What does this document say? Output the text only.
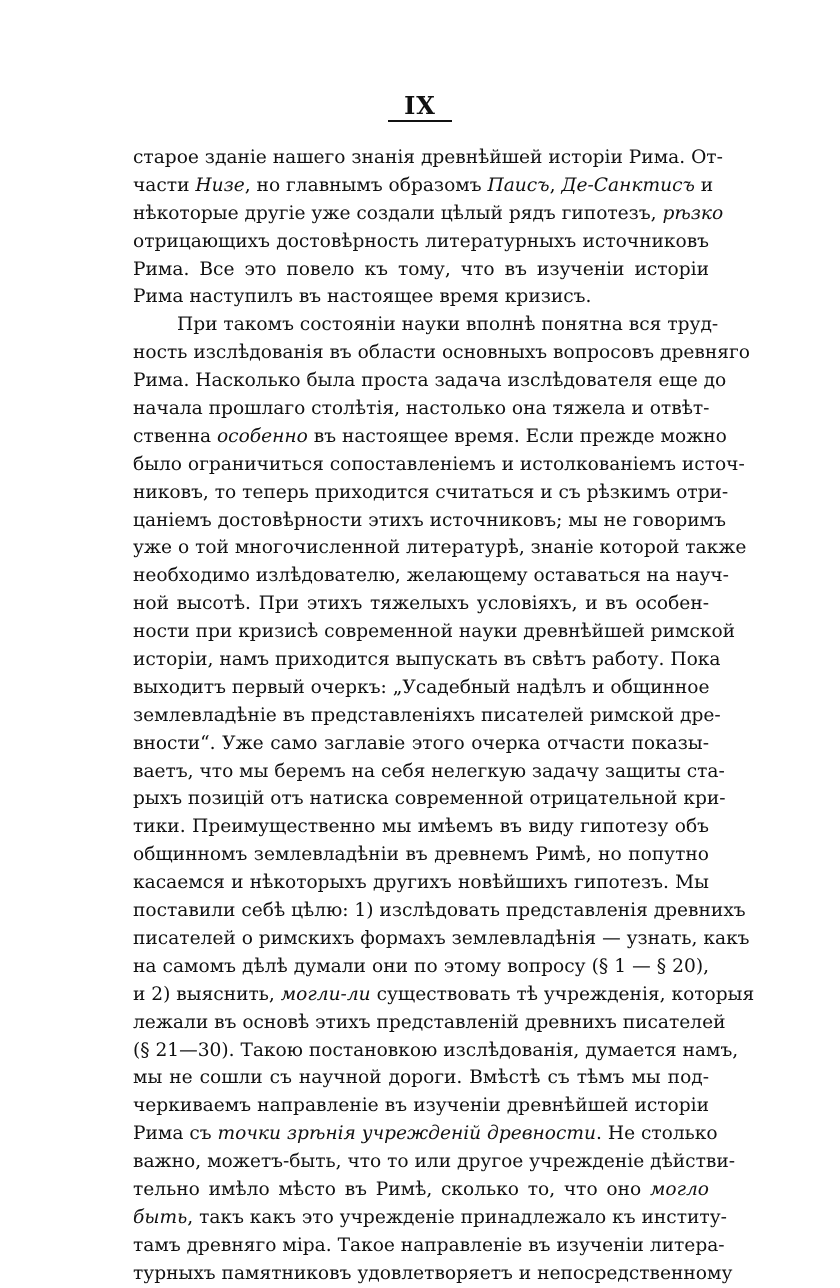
IX
старое зданіе нашего знанія древнѣйшей исторіи Рима. От-
части Низе, но главнымъ образомъ Паисъ, Де-Санктисъ и
нѣкоторые другіе уже создали цѣлый рядъ гипотезъ, рѣзко
отрицающихъ достовѣрность литературныхъ источниковъ
Рима. Все это повело къ тому, что въ изученіи исторіи
Рима наступилъ въ настоящее время кризисъ.
При такомъ состояніи науки вполнѣ понятна вся труд-
ность изслѣдованія въ области основныхъ вопросовъ древняго
Рима. Насколько была проста задача изслѣдователя еще до
начала прошлаго столѣтія, настолько она тяжела и отвѣт-
ственна особенно въ настоящее время. Если прежде можно
было ограничиться сопоставленіемъ и истолкованіемъ источ-
никовъ, то теперь приходится считаться и съ рѣзкимъ отри-
цаніемъ достовѣрности этихъ источниковъ; мы не говоримъ
уже о той многочисленной литературѣ, знаніе которой также
необходимо излѣдователю, желающему оставаться на науч-
ной высотѣ. При этихъ тяжелыхъ условіяхъ, и въ особен-
ности при кризисѣ современной науки древнѣйшей римской
исторіи, намъ приходится выпускать въ свѣтъ работу. Пока
выходитъ первый очеркъ: „Усадебный надѣлъ и общинное
землевладѣніе въ представленіяхъ писателей римской дре-
вности“. Уже само заглавіе этого очерка отчасти показы-
ваетъ, что мы беремъ на себя нелегкую задачу защиты ста-
рыхъ позицій отъ натиска современной отрицательной кри-
тики. Преимущественно мы имѣемъ въ виду гипотезу объ
общинномъ землевладѣніи въ древнемъ Римѣ, но попутно
касаемся и нѣкоторыхъ другихъ новѣйшихъ гипотезъ. Мы
поставили себѣ цѣлю: 1) изслѣдовать представленія древнихъ
писателей о римскихъ формахъ землевладѣнія — узнать, какъ
на самомъ дѣлѣ думали они по этому вопросу (§ 1 — § 20),
и 2) выяснить, могли-ли существовать тѣ учрежденія, которыя
лежали въ основѣ этихъ представленій древнихъ писателей
(§ 21—30). Такою постановкою изслѣдованія, думается намъ,
мы не сошли съ научной дороги. Вмѣстѣ съ тѣмъ мы под-
черкиваемъ направленіе въ изученіи древнѣйшей исторіи
Рима съ точки зрѣнія учрежденій древности. Не столько
важно, можетъ-быть, что то или другое учрежденіе дѣйстви-
тельно имѣло мѣсто въ Римѣ, сколько то, что оно могло
быть, такъ какъ это учрежденіе принадлежало къ институ-
тамъ древняго міра. Такое направленіе въ изученіи литера-
турныхъ памятниковъ удовлетворяетъ и непосредственному
